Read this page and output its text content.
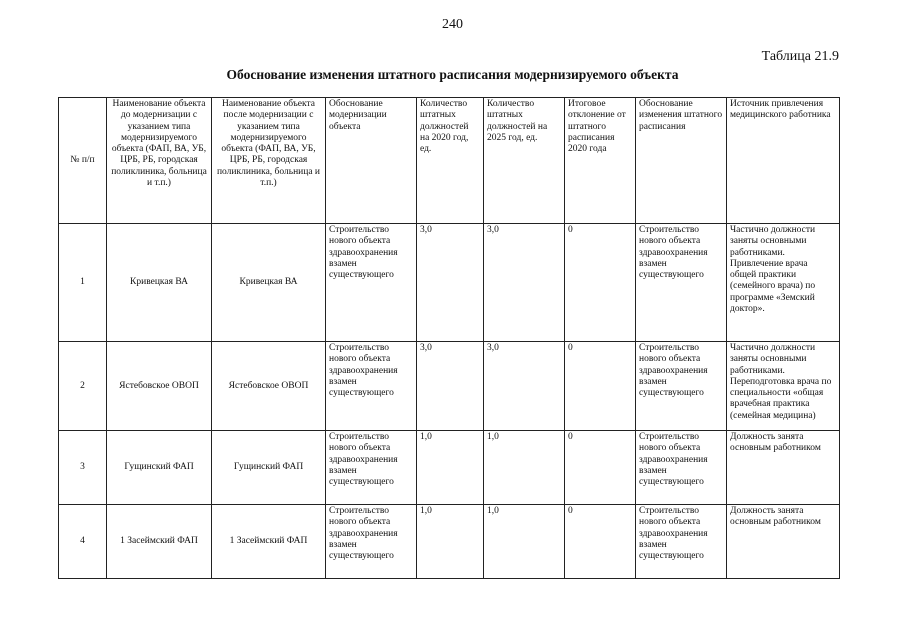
240
Таблица 21.9
Обоснование изменения штатного расписания модернизируемого объекта
№ п/п	Наименование объекта до модернизации с указанием типа модернизируемого объекта (ФАП, ВА, УБ, ЦРБ, РБ, городская поликлиника, больница и т.п.)	Наименование объекта после модернизации с указанием типа модернизируемого объекта (ФАП, ВА, УБ, ЦРБ, РБ, городская поликлиника, больница и т.п.)	Обоснование модернизации объекта	Количество штатных должностей на 2020 год, ед.	Количество штатных должностей на 2025 год, ед.	Итоговое отклонение от штатного расписания 2020 года	Обоснование изменения штатного расписания	Источник привлечения медицинского работника
1	Кривецкая ВА	Кривецкая ВА	Строительство нового объекта здравоохранения взамен существующего	3,0	3,0	0	Строительство нового объекта здравоохранения взамен существующего	Частично должности заняты основными работниками. Привлечение врача общей практики (семейного врача) по программе «Земский доктор».
2	Ястебовское ОВОП	Ястебовское ОВОП	Строительство нового объекта здравоохранения взамен существующего	3,0	3,0	0	Строительство нового объекта здравоохранения взамен существующего	Частично должности заняты основными работниками. Переподготовка врача по специальности «общая врачебная практика (семейная медицина)
3	Гущинский ФАП	Гущинский ФАП	Строительство нового объекта здравоохранения взамен существующего	1,0	1,0	0	Строительство нового объекта здравоохранения взамен существующего	Должность занята основным работником
4	1 Засеймский ФАП	1 Засеймский ФАП	Строительство нового объекта здравоохранения взамен существующего	1,0	1,0	0	Строительство нового объекта здравоохранения взамен существующего	Должность занята основным работником
